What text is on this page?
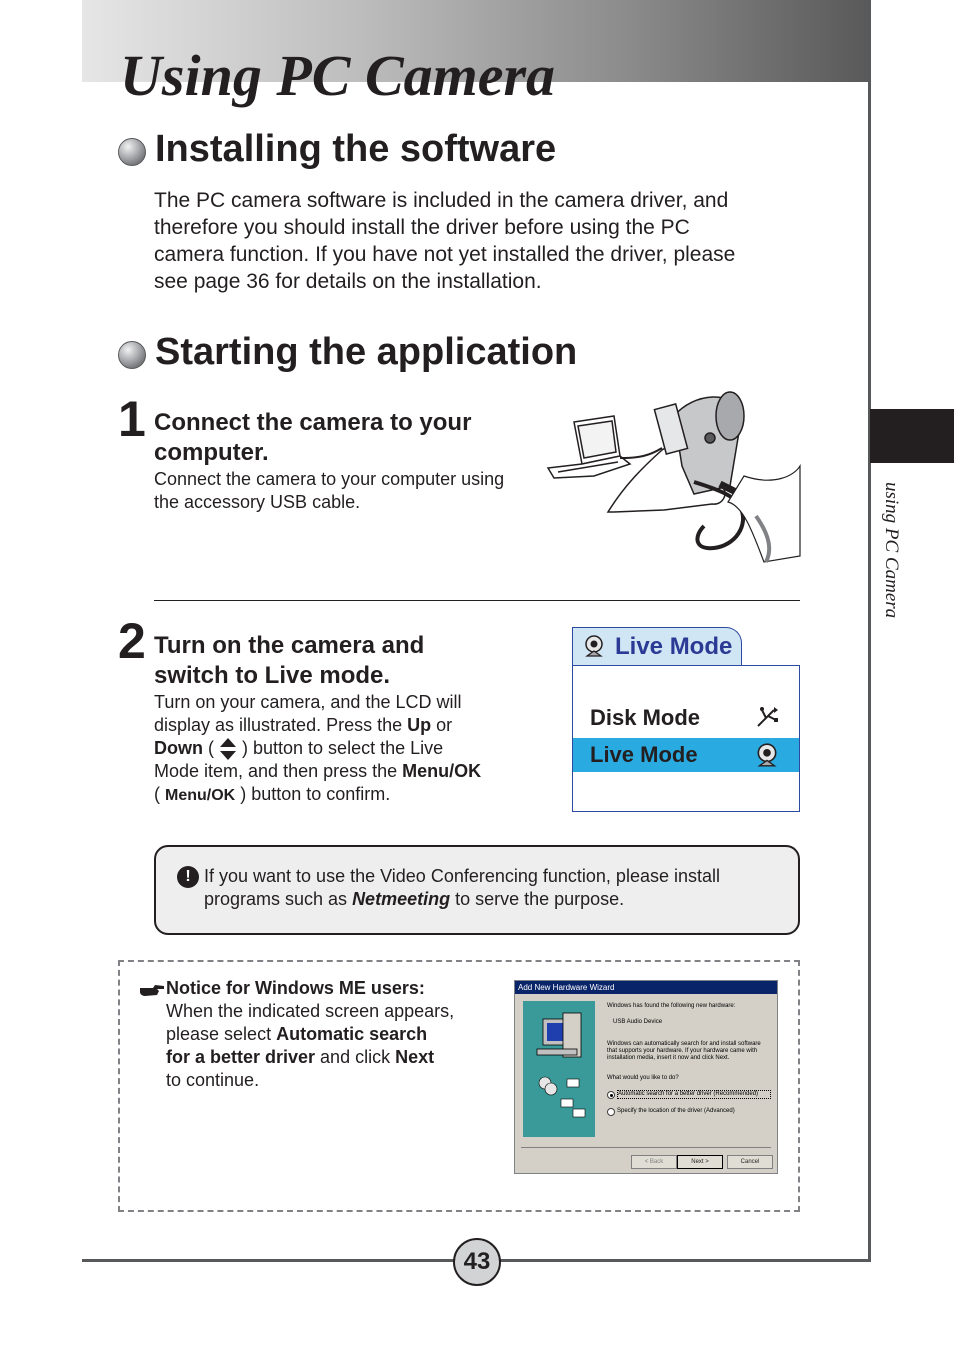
using PC Camera
Using PC Camera
Installing the software
The PC camera software is included in the camera driver, and
therefore you should install the driver before using the PC
camera function. If you have not yet installed the driver, please
see page 36 for details on the installation.
Starting the application
1 Connect the camera to your
computer.
Connect the camera to your computer using
the accessory USB cable.
2 Turn on the camera and
switch to Live mode.
Turn on your camera, and the LCD will
display as illustrated. Press the Up or
Down (  ) button to select the Live
Mode item, and then press the Menu/OK
( Menu/OK ) button to confirm.
Live Mode
Disk Mode
Live Mode
! If you want to use the Video Conferencing function, please install
programs such as Netmeeting to serve the purpose.
Notice for Windows ME users:
When the indicated screen appears,
please select Automatic search
for a better driver and click Next
to continue.
Add New Hardware Wizard
Windows has found the following new hardware:
USB Audio Device
Windows can automatically search for and install software
that supports your hardware. If your hardware came with
installation media, insert it now and click Next.
What would you like to do?
Automatic search for a better driver (Recommended)
Specify the location of the driver (Advanced)
< Back	Next >	Cancel
43
